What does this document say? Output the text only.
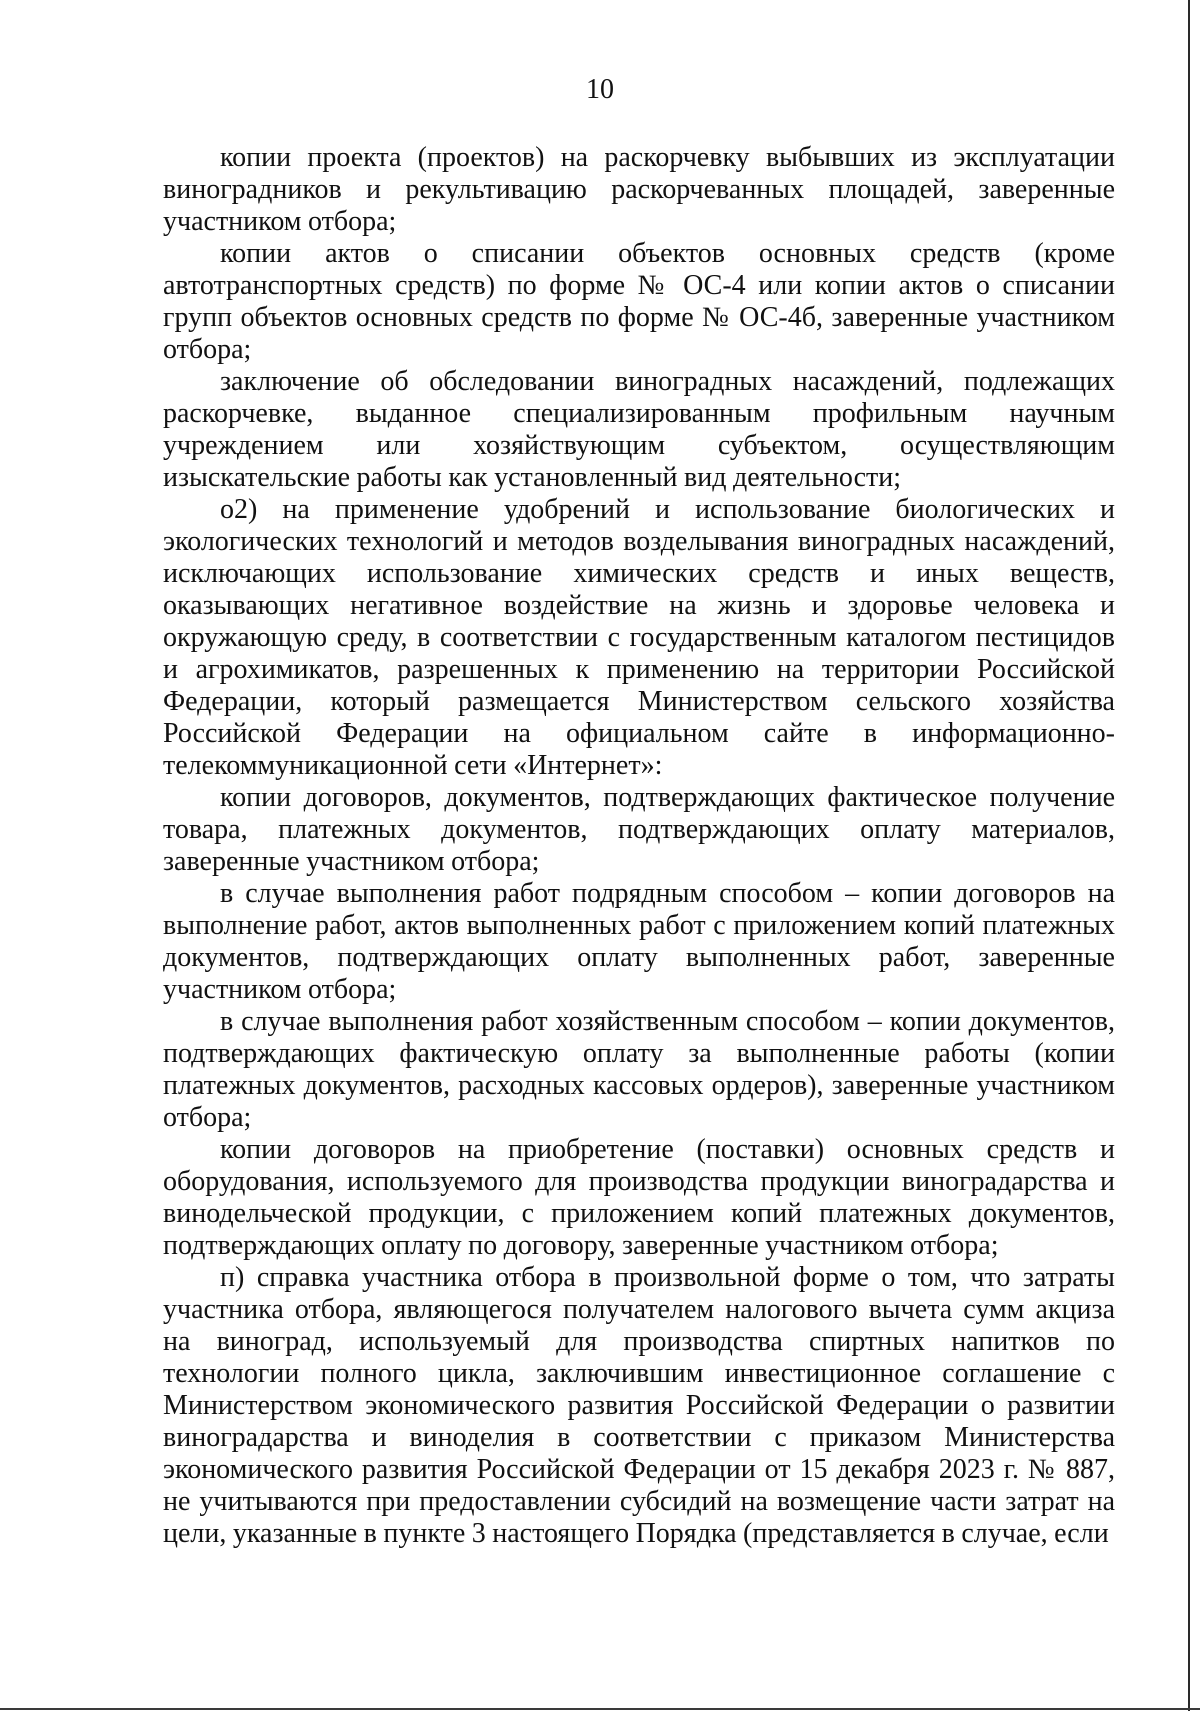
10

копии проекта (проектов) на раскорчевку выбывших из эксплуатации виноградников и рекультивацию раскорчеванных площадей, заверенные участником отбора;

копии актов о списании объектов основных средств (кроме автотранспортных средств) по форме № ОС-4 или копии актов о списании групп объектов основных средств по форме № ОС-4б, заверенные участником отбора;

заключение об обследовании виноградных насаждений, подлежащих раскорчевке, выданное специализированным профильным научным учреждением или хозяйствующим субъектом, осуществляющим изыскательские работы как установленный вид деятельности;

о2) на применение удобрений и использование биологических и экологических технологий и методов возделывания виноградных насаждений, исключающих использование химических средств и иных веществ, оказывающих негативное воздействие на жизнь и здоровье человека и окружающую среду, в соответствии с государственным каталогом пестицидов и агрохимикатов, разрешенных к применению на территории Российской Федерации, который размещается Министерством сельского хозяйства Российской Федерации на официальном сайте в информационно-телекоммуникационной сети «Интернет»:

копии договоров, документов, подтверждающих фактическое получение товара, платежных документов, подтверждающих оплату материалов, заверенные участником отбора;

в случае выполнения работ подрядным способом – копии договоров на выполнение работ, актов выполненных работ с приложением копий платежных документов, подтверждающих оплату выполненных работ, заверенные участником отбора;

в случае выполнения работ хозяйственным способом – копии документов, подтверждающих фактическую оплату за выполненные работы (копии платежных документов, расходных кассовых ордеров), заверенные участником отбора;

копии договоров на приобретение (поставки) основных средств и оборудования, используемого для производства продукции виноградарства и винодельческой продукции, с приложением копий платежных документов, подтверждающих оплату по договору, заверенные участником отбора;

п) справка участника отбора в произвольной форме о том, что затраты участника отбора, являющегося получателем налогового вычета сумм акциза на виноград, используемый для производства спиртных напитков по технологии полного цикла, заключившим инвестиционное соглашение с Министерством экономического развития Российской Федерации о развитии виноградарства и виноделия в соответствии с приказом Министерства экономического развития Российской Федерации от 15 декабря 2023 г. № 887, не учитываются при предоставлении субсидий на возмещение части затрат на цели, указанные в пункте 3 настоящего Порядка (представляется в случае, если
